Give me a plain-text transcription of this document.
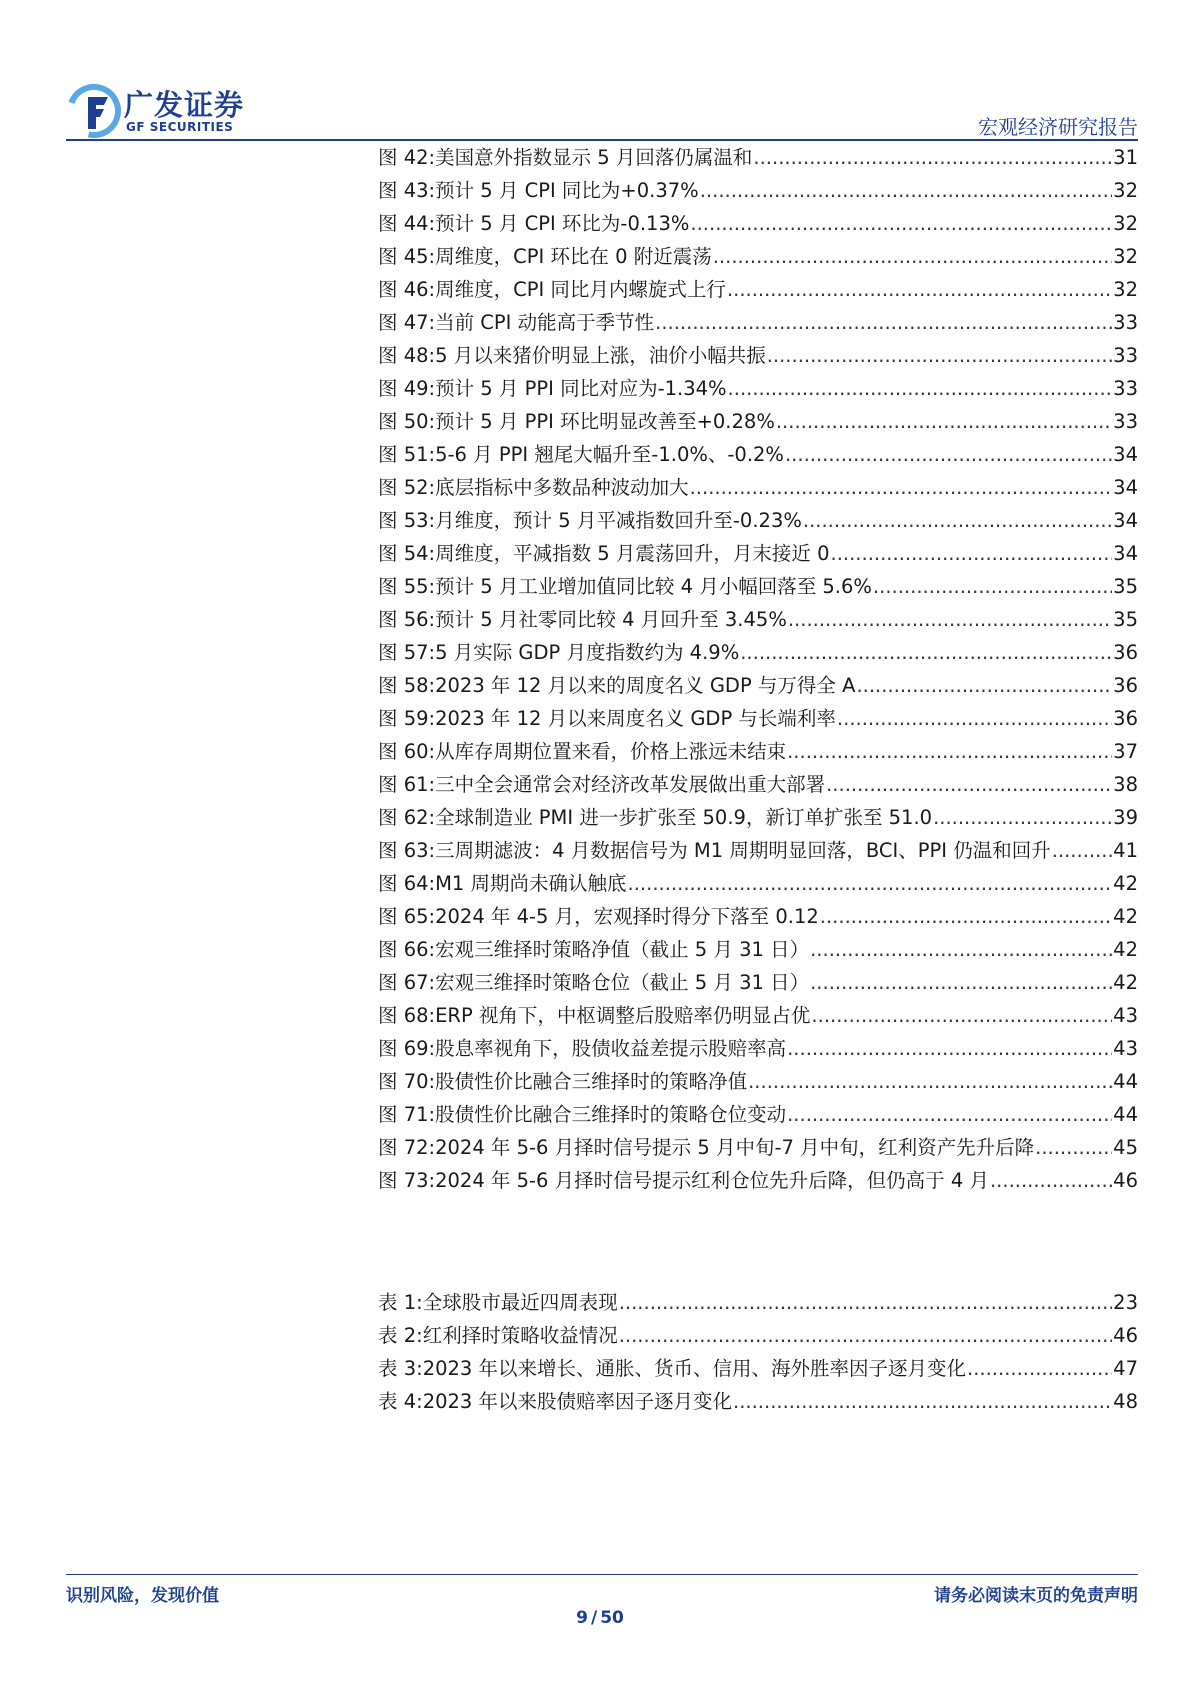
广发证券
GF SECURITIES	宏观经济研究报告
图 42: 美国意外指数显示 5 月回落仍属温和 .....	31
图 43: 预计 5 月 CPI 同比为+0.37% .....	32
图 44: 预计 5 月 CPI 环比为-0.13% .....	32
图 45: 周维度，CPI 环比在 0 附近震荡 .....	32
图 46: 周维度，CPI 同比月内螺旋式上行 .....	32
图 47: 当前 CPI 动能高于季节性 .....	33
图 48: 5 月以来猪价明显上涨，油价小幅共振 .....	33
图 49: 预计 5 月 PPI 同比对应为-1.34% .....	33
图 50: 预计 5 月 PPI 环比明显改善至+0.28% .....	33
图 51: 5-6 月 PPI 翘尾大幅升至-1.0%、-0.2% .....	34
图 52: 底层指标中多数品种波动加大 .....	34
图 53: 月维度，预计 5 月平减指数回升至-0.23% .....	34
图 54: 周维度，平减指数 5 月震荡回升，月末接近 0 .....	34
图 55: 预计 5 月工业增加值同比较 4 月小幅回落至 5.6% .....	35
图 56: 预计 5 月社零同比较 4 月回升至 3.45% .....	35
图 57: 5 月实际 GDP 月度指数约为 4.9% .....	36
图 58: 2023 年 12 月以来的周度名义 GDP 与万得全 A .....	36
图 59: 2023 年 12 月以来周度名义 GDP 与长端利率 .....	36
图 60: 从库存周期位置来看，价格上涨远未结束 .....	37
图 61: 三中全会通常会对经济改革发展做出重大部署 .....	38
图 62: 全球制造业 PMI 进一步扩张至 50.9，新订单扩张至 51.0 .....	39
图 63: 三周期滤波：4 月数据信号为 M1 周期明显回落，BCI、PPI 仍温和回升 .....	41
图 64: M1 周期尚未确认触底 .....	42
图 65: 2024 年 4-5 月，宏观择时得分下落至 0.12 .....	42
图 66: 宏观三维择时策略净值（截止 5 月 31 日） .....	42
图 67: 宏观三维择时策略仓位（截止 5 月 31 日） .....	42
图 68: ERP 视角下，中枢调整后股赔率仍明显占优 .....	43
图 69: 股息率视角下，股债收益差提示股赔率高 .....	43
图 70: 股债性价比融合三维择时的策略净值 .....	44
图 71: 股债性价比融合三维择时的策略仓位变动 .....	44
图 72: 2024 年 5-6 月择时信号提示 5 月中旬-7 月中旬，红利资产先升后降 .....	45
图 73: 2024 年 5-6 月择时信号提示红利仓位先升后降，但仍高于 4 月 .....	46
表 1: 全球股市最近四周表现 .....	23
表 2: 红利择时策略收益情况 .....	46
表 3: 2023 年以来增长、通胀、货币、信用、海外胜率因子逐月变化 .....	47
表 4: 2023 年以来股债赔率因子逐月变化 .....	48
识别风险，发现价值	请务必阅读末页的免责声明
9 / 50
